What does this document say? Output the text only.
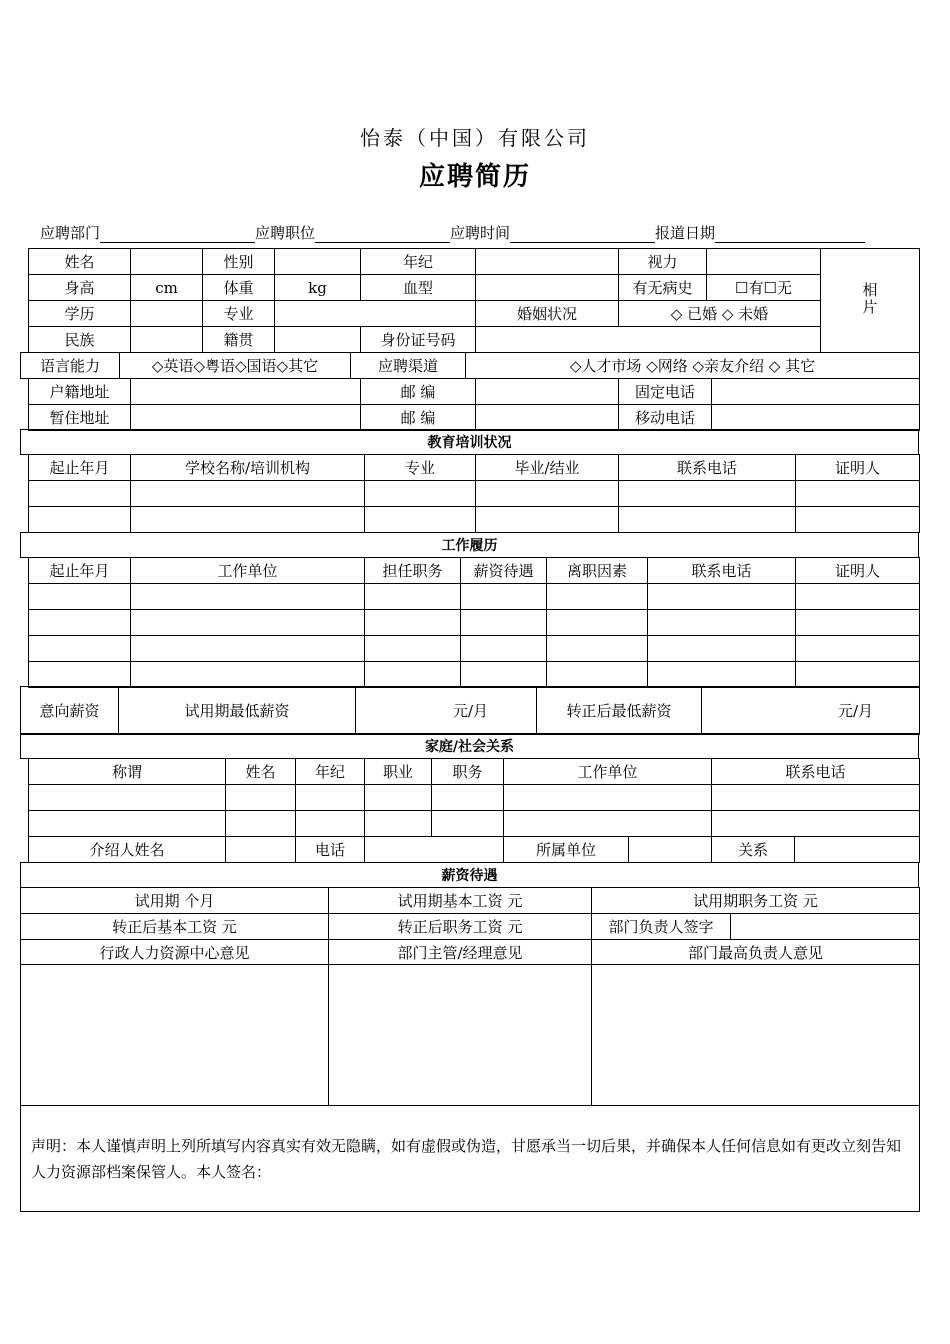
怡泰（中国）有限公司
应聘简历
应聘部门	应聘职位	应聘时间	报道日期
姓名		性别		年纪		视力		相片
身高	cm	体重	kg	血型		有无病史	☐有☐无	
学历		专业			婚姻状况	◇ 已婚 ◇ 未婚		
民族		籍贯		身份证号码				
语言能力	◇英语◇粤语◇国语◇其它	应聘渠道	◇人才市场 ◇网络 ◇亲友介绍 ◇ 其它
户籍地址		邮 编		固定电话	
暂住地址		邮 编		移动电话	
教育培训状况
起止年月	学校名称/培训机构	专业	毕业/结业	联系电话	证明人

工作履历
起止年月	工作单位	担任职务	薪资待遇	离职因素	联系电话	证明人

意向薪资	试用期最低薪资	元/月	转正后最低薪资	元/月
家庭/社会关系
称谓	姓名	年纪	职业	职务	工作单位	联系电话

介绍人姓名		电话		所属单位		关系	
薪资待遇
试用期 个月	试用期基本工资 元	试用期职务工资 元	
转正后基本工资 元	转正后职务工资 元	部门负责人签字	
行政人力资源中心意见	部门主管/经理意见	部门最高负责人意见	

声明：本人谨慎声明上列所填写内容真实有效无隐瞒，如有虚假或伪造，甘愿承当一切后果，并确保本人任何信息如有更改立刻告知人力资源部档案保管人。本人签名：			
